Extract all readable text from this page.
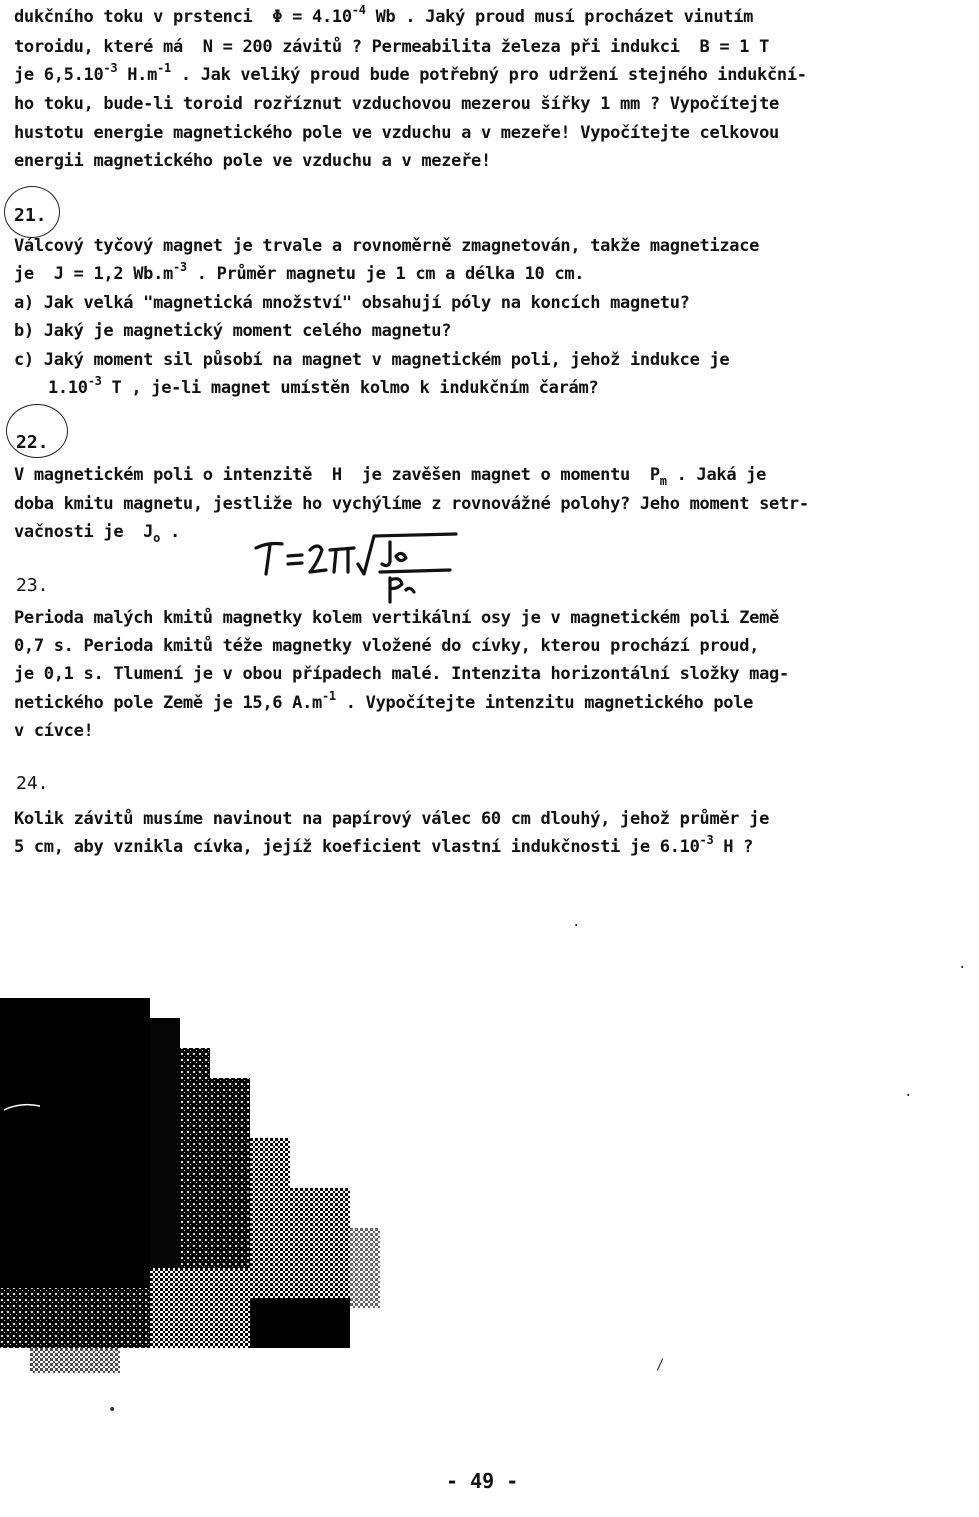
dukčního toku v prstenci  $\Phi = 4.10^{-4}$ Wb . Jaký proud musí procházet vinutím
toroidu, které má  N = 200 závitů ? Permeabilita železa při indukci  B = 1 T
je $6,5.10^{-3}$ $H.m^{-1}$ . Jak veliký proud bude potřebný pro udržení stejného indukční-
ho toku, bude-li toroid rozříznut vzduchovou mezerou šířky 1 mm ? Vypočítejte
hustotu energie magnetického pole ve vzduchu a v mezeře! Vypočítejte celkovou
energii magnetického pole ve vzduchu a v mezeře!
21.
Válcový tyčový magnet je trvale a rovnoměrně zmagnetován, takže magnetizace
je  J = 1,2 $Wb.m^{-3}$ . Průměr magnetu je 1 cm a délka 10 cm.
a) Jak velká "magnetická množství" obsahují póly na koncích magnetu?
b) Jaký je magnetický moment celého magnetu?
c) Jaký moment sil působí na magnet v magnetickém poli, jehož indukce je
$1.10^{-3}$ T , je-li magnet umístěn kolmo k indukčním čarám?
22.
V magnetickém poli o intenzitě  H  je zavěšen magnet o momentu  $P_m$ . Jaká je
doba kmitu magnetu, jestliže ho vychýlíme z rovnovážné polohy? Jeho moment setr-
vačnosti je  $J_o$ .
23.
Perioda malých kmitů magnetky kolem vertikální osy je v magnetickém poli Země
0,7 s. Perioda kmitů téže magnetky vložené do cívky, kterou prochází proud,
je 0,1 s. Tlumení je v obou případech malé. Intenzita horizontální složky mag-
netického pole Země je 15,6 $A.m^{-1}$ . Vypočítejte intenzitu magnetického pole
v cívce!
24.
Kolik závitů musíme navinout na papírový válec 60 cm dlouhý, jehož průměr je
5 cm, aby vznikla cívka, jejíž koeficient vlastní indukčnosti je $6.10^{-3}$ H ?
•
/
·
·
·
- 49 -
